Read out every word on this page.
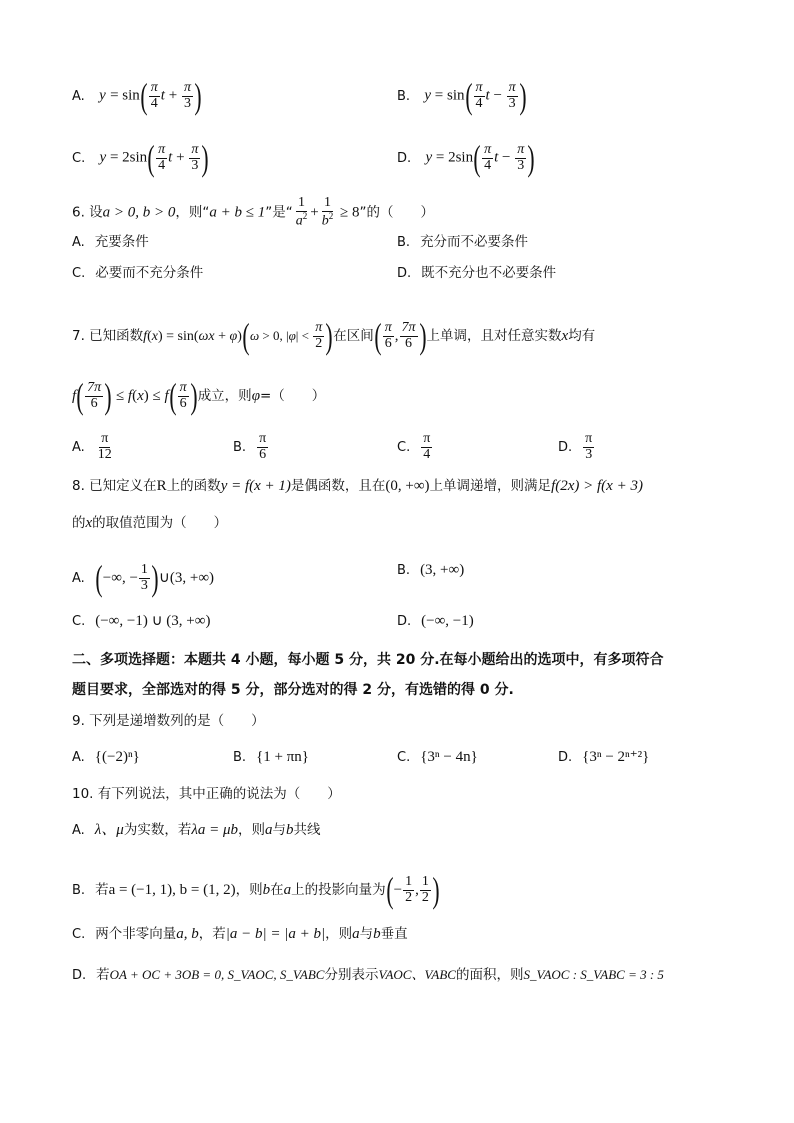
A. $y = \sin( \frac{\pi}{4}$ $t + \frac{\pi}{3}$ )	B. $y = \sin( \frac{\pi}{4}$ $t - \frac{\pi}{3}$ )
C. $y = 2\sin( \frac{\pi}{4}$ $t + \frac{\pi}{3}$ )	D. $y = 2\sin( \frac{\pi}{4}$ $t - \frac{\pi}{3}$ )
6. 设a > 0, b > 0，则“a + b ≤ 1”是“ $\frac{1}{a^2} + \frac{1}{b^2} \ge 8$”的（　　）
A. 充要条件	B. 充分而不必要条件
C. 必要而不充分条件	D. 既不充分也不必要条件
7. 已知函数f(x) = sin(ωx + φ)(ω > 0, $|\varphi| < \frac{\pi}{2}$ )在区间( $\frac{\pi}{6}$ , $\frac{7\pi}{6}$ )上单调，且对任意实数x均有
$f( \frac{7\pi}{6}$ ) ≤ $f(x) \le f( \frac{\pi}{6}$ )成立，则φ=（　　）
A. $\frac{\pi}{12}$	B. $\frac{\pi}{6}$	C. $\frac{\pi}{4}$	D. $\frac{\pi}{3}$
8. 已知定义在R上的函数y = f(x + 1)是偶函数，且在(0, +∞)上单调递增，则满足f(2x) > f(x + 3)
的x的取值范围为（　　）
A. (−∞, − $\frac{1}{3}$ )∪(3, +∞)	B. (3, +∞)
C. (−∞, −1) ∪ (3, +∞)	D. (−∞, −1)
二、多项选择题：本题共 4 小题，每小题 5 分，共 20 分.在每小题给出的选项中，有多项符合
题目要求，全部选对的得 5 分，部分选对的得 2 分，有选错的得 0 分.
9. 下列是递增数列的是（　　）
A. {(−2)ⁿ}	B. {1 + πn}	C. {3ⁿ − 4n}	D. {3ⁿ − 2ⁿ⁺²}
10. 有下列说法，其中正确的说法为（　　）
A. λ、μ为实数，若λa = μb，则a与b共线
B. 若a = (−1, 1), b = (1, 2)，则b在a上的投影向量为(− $\frac{1}{2}$ , $\frac{1}{2}$ )
C. 两个非零向量a, b，若|a − b| = |a + b|，则a与b垂直
D. 若OA + OC + 3OB = 0, S_VAOC, S_VABC分别表示VAOC、VABC的面积，则S_VAOC : S_VABC = 3 : 5
